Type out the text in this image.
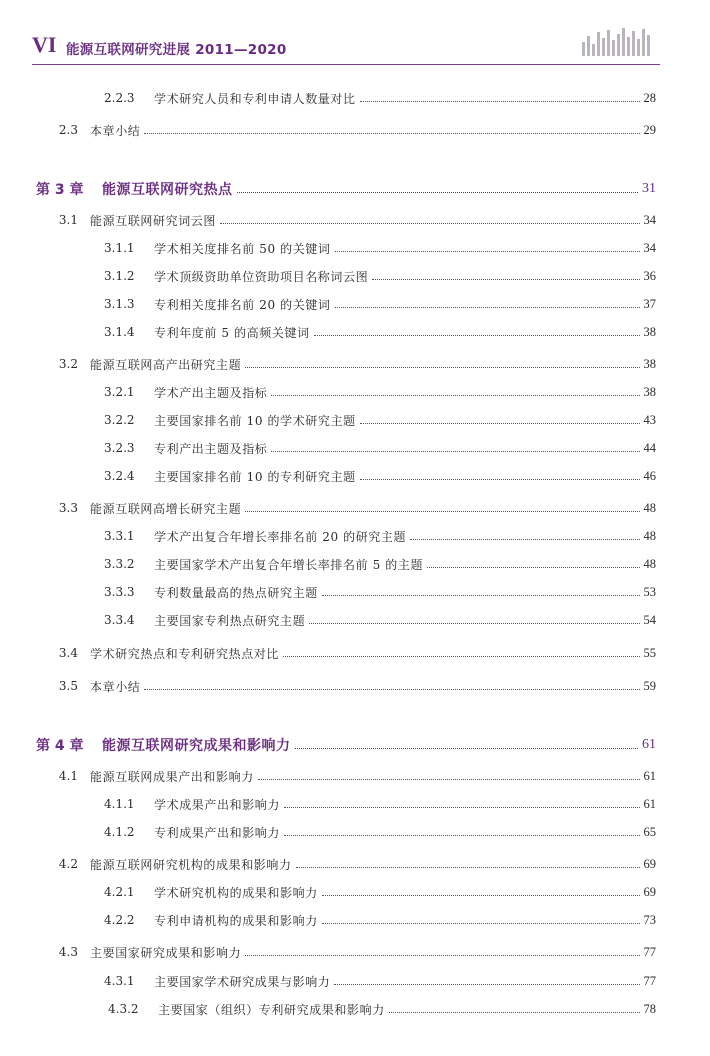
VI 能源互联网研究进展 2011—2020
2.2.3	学术研究人员和专利申请人数量对比	28
2.3 本章小结	29
第 3 章	能源互联网研究热点	31
3.1 能源互联网研究词云图	34
3.1.1	学术相关度排名前 50 的关键词	34
3.1.2	学术顶级资助单位资助项目名称词云图	36
3.1.3	专利相关度排名前 20 的关键词	37
3.1.4	专利年度前 5 的高频关键词	38
3.2 能源互联网高产出研究主题	38
3.2.1	学术产出主题及指标	38
3.2.2	主要国家排名前 10 的学术研究主题	43
3.2.3	专利产出主题及指标	44
3.2.4	主要国家排名前 10 的专利研究主题	46
3.3 能源互联网高增长研究主题	48
3.3.1	学术产出复合年增长率排名前 20 的研究主题	48
3.3.2	主要国家学术产出复合年增长率排名前 5 的主题	48
3.3.3	专利数量最高的热点研究主题	53
3.3.4	主要国家专利热点研究主题	54
3.4 学术研究热点和专利研究热点对比	55
3.5 本章小结	59
第 4 章	能源互联网研究成果和影响力	61
4.1 能源互联网成果产出和影响力	61
4.1.1	学术成果产出和影响力	61
4.1.2	专利成果产出和影响力	65
4.2 能源互联网研究机构的成果和影响力	69
4.2.1	学术研究机构的成果和影响力	69
4.2.2	专利申请机构的成果和影响力	73
4.3 主要国家研究成果和影响力	77
4.3.1	主要国家学术研究成果与影响力	77
4.3.2	主要国家（组织）专利研究成果和影响力	78
